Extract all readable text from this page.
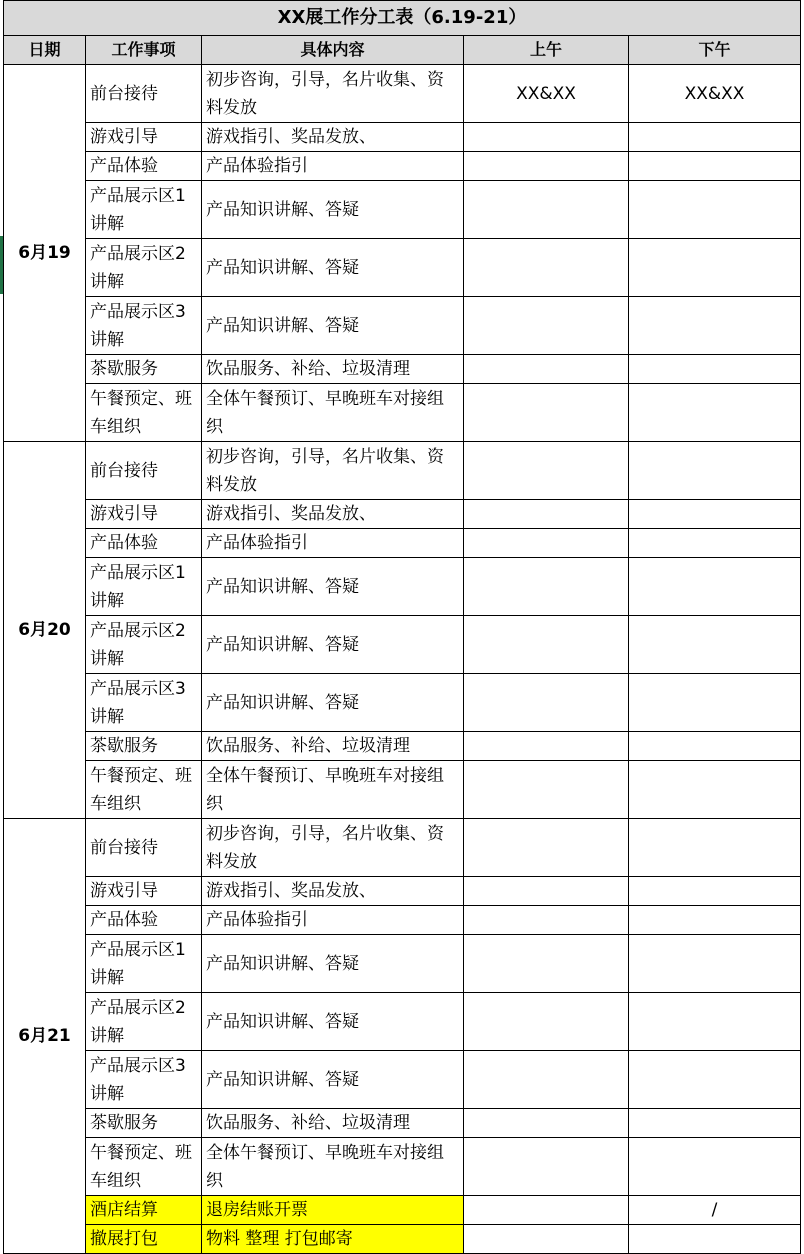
XX展工作分工表（6.19-21）				
日期	工作事项	具体内容	上午	下午
6月19	前台接待	初步咨询，引导，名片收集、资料发放	XX&XX	XX&XX
	游戏引导	游戏指引、奖品发放、		
	产品体验	产品体验指引		
	产品展示区1讲解	产品知识讲解、答疑		
	产品展示区2讲解	产品知识讲解、答疑		
	产品展示区3讲解	产品知识讲解、答疑		
	茶歇服务	饮品服务、补给、垃圾清理		
	午餐预定、班车组织	全体午餐预订、早晚班车对接组织		
6月20	前台接待	初步咨询，引导，名片收集、资料发放		
	游戏引导	游戏指引、奖品发放、		
	产品体验	产品体验指引		
	产品展示区1讲解	产品知识讲解、答疑		
	产品展示区2讲解	产品知识讲解、答疑		
	产品展示区3讲解	产品知识讲解、答疑		
	茶歇服务	饮品服务、补给、垃圾清理		
	午餐预定、班车组织	全体午餐预订、早晚班车对接组织		
6月21	前台接待	初步咨询，引导，名片收集、资料发放		
	游戏引导	游戏指引、奖品发放、		
	产品体验	产品体验指引		
	产品展示区1讲解	产品知识讲解、答疑		
	产品展示区2讲解	产品知识讲解、答疑		
	产品展示区3讲解	产品知识讲解、答疑		
	茶歇服务	饮品服务、补给、垃圾清理		
	午餐预定、班车组织	全体午餐预订、早晚班车对接组织		
	酒店结算	退房结账开票		/
	撤展打包	物料 整理 打包邮寄		
